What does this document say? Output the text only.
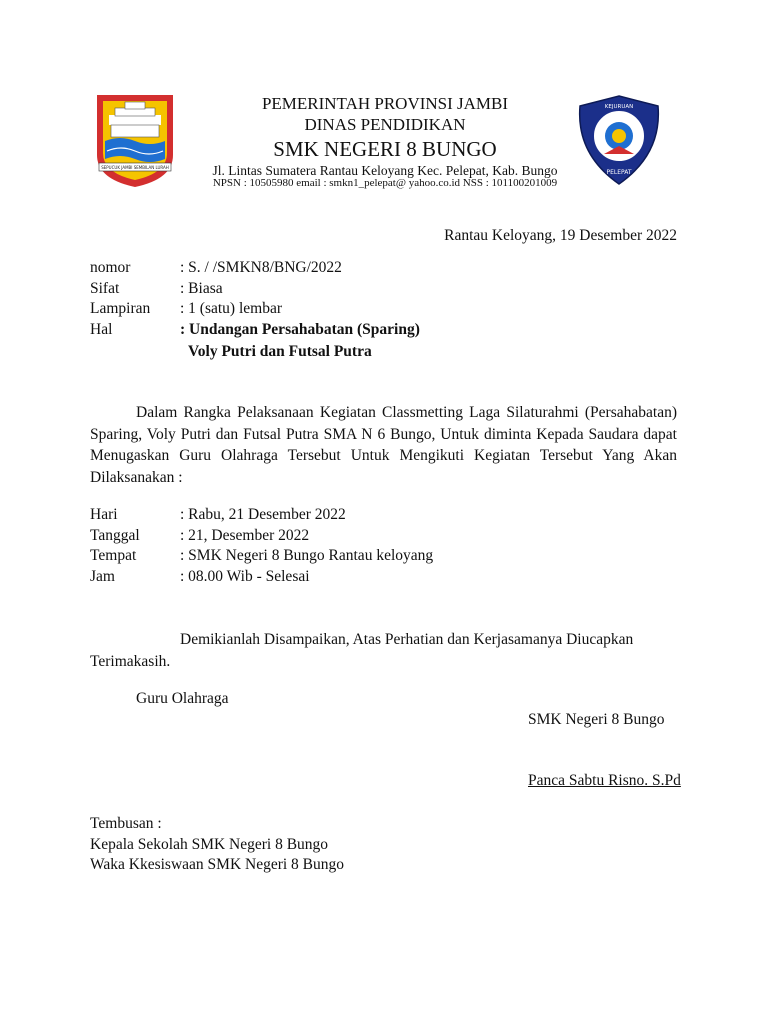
SEPUCUK JAMBI SEMBILAN LURAH
KEJURUAN
PELEPAT
PEMERINTAH PROVINSI JAMBI
DINAS PENDIDIKAN
SMK NEGERI 8 BUNGO
Jl. Lintas Sumatera Rantau Keloyang Kec. Pelepat, Kab. Bungo
NPSN : 10505980 email : smkn1_pelepat@ yahoo.co.id NSS : 101100201009
Rantau Keloyang, 19 Desember 2022
nomor	: S. / /SMKN8/BNG/2022
Sifat	: Biasa
Lampiran : 1 (satu) lembar
Hal	: Undangan Persahabatan (Sparing)
Voly Putri dan Futsal Putra
Dalam Rangka Pelaksanaan Kegiatan Classmetting Laga Silaturahmi (Persahabatan) Sparing, Voly Putri dan Futsal Putra SMA N 6 Bungo, Untuk diminta Kepada Saudara dapat Menugaskan Guru Olahraga Tersebut Untuk Mengikuti Kegiatan Tersebut Yang Akan Dilaksanakan :
Hari	: Rabu, 21 Desember 2022
Tanggal	: 21, Desember 2022
Tempat	: SMK Negeri 8 Bungo Rantau keloyang
Jam	: 08.00 Wib - Selesai
Demikianlah Disampaikan, Atas Perhatian dan Kerjasamanya Diucapkan
Terimakasih.
Guru Olahraga
SMK Negeri 8 Bungo
Panca Sabtu Risno. S.Pd
Tembusan :
Kepala Sekolah SMK Negeri 8 Bungo
Waka Kkesiswaan SMK Negeri 8 Bungo
